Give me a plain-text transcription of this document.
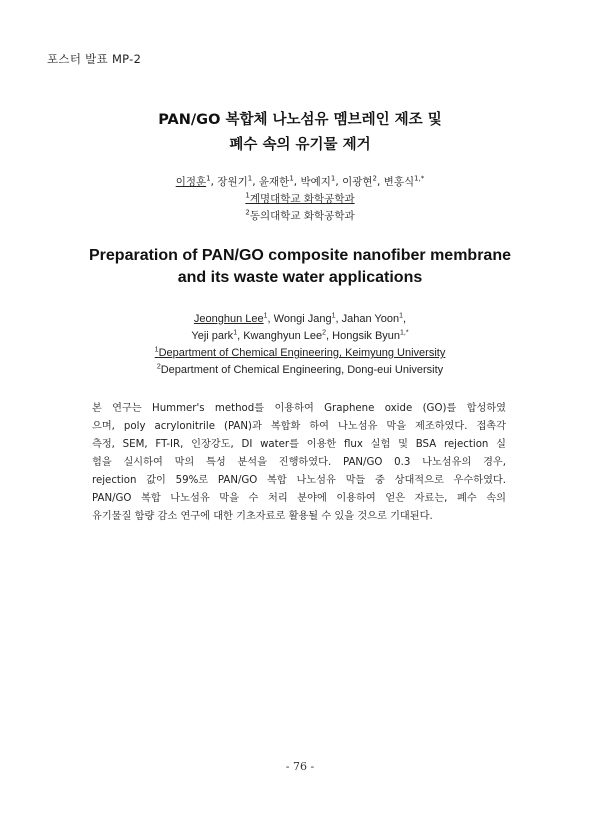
포스터 발표 MP-2
PAN/GO 복합체 나노섬유 멤브레인 제조 및
폐수 속의 유기물 제거
이정훈$^1$, 장원기$^1$, 윤재한$^1$, 박예지$^1$, 이광현$^2$, 변홍식$^{1,*}$
$^1$계명대학교 화학공학과
$^2$동의대학교 화학공학과
Preparation of PAN/GO composite nanofiber membrane
and its waste water applications
Jeonghun Lee$^1$, Wongi Jang$^1$, Jahan Yoon$^1$,
Yeji park$^1$, Kwanghyun Lee$^2$, Hongsik Byun$^{1,*}$
$^1$Department of Chemical Engineering, Keimyung University
$^2$Department of Chemical Engineering, Dong-eui University
본 연구는 Hummer's method를 이용하여 Graphene oxide (GO)를 합성하였
으며, poly acrylonitrile (PAN)과 복합화 하여 나노섬유 막을 제조하였다. 접촉각
측정, SEM, FT-IR, 인장강도, DI water를 이용한 flux 실험 및 BSA rejection 실
험을 실시하여 막의 특성 분석을 진행하였다. PAN/GO 0.3 나노섬유의 경우,
rejection 값이 59%로 PAN/GO 복합 나노섬유 막들 중 상대적으로 우수하였다.
PAN/GO 복합 나노섬유 막을 수 처리 분야에 이용하여 얻은 자료는, 폐수 속의
유기물질 함량 감소 연구에 대한 기초자료로 활용될 수 있을 것으로 기대된다.
- 76 -
